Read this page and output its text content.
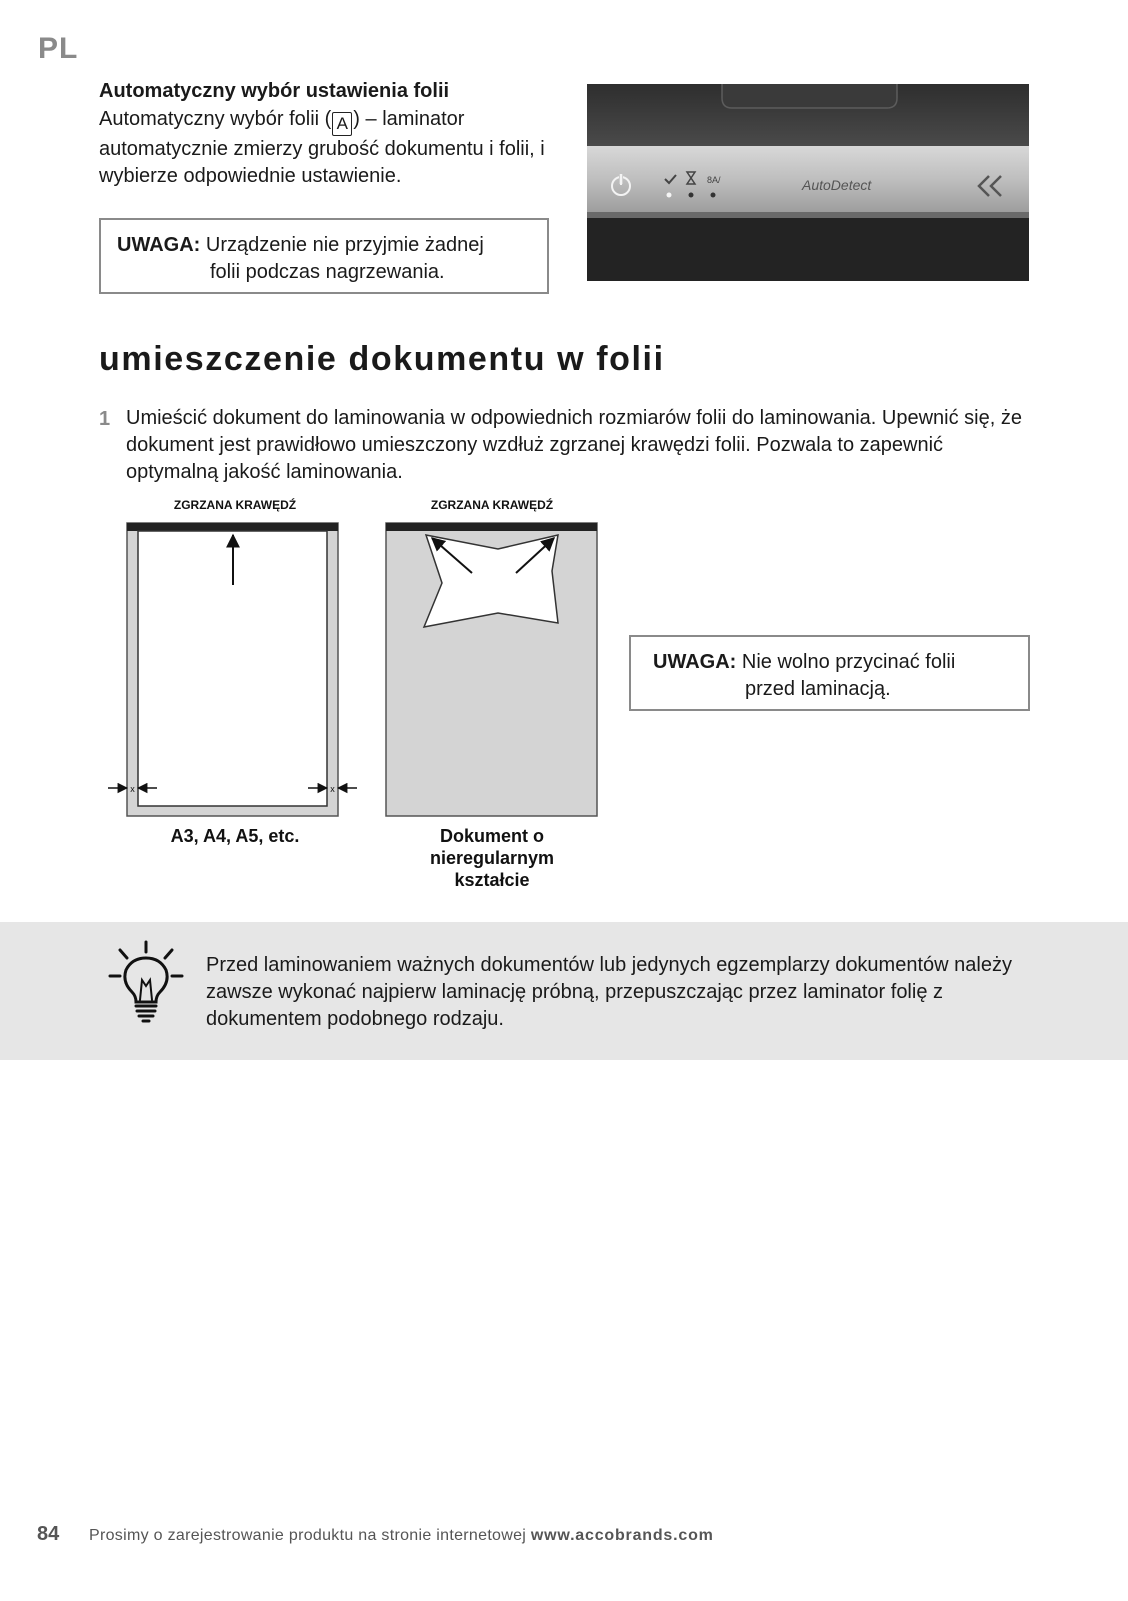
PL
Automatyczny wybór ustawienia folii
Automatyczny wybór folii ( A ) – laminator automatycznie zmierzy grubość dokumentu i folii, i wybierze odpowiednie ustawienie.
UWAGA: Urządzenie nie przyjmie żadnej
folii podczas nagrzewania.
8A/	AutoDetect
umieszczenie dokumentu w folii
1 Umieścić dokument do laminowania w odpowiednich rozmiarów folii do laminowania. Upewnić się, że dokument jest prawidłowo umieszczony wzdłuż zgrzanej krawędzi folii. Pozwala to zapewnić optymalną jakość laminowania.
ZGRZANA KRAWĘDŹ
x	x
A3, A4, A5, etc.
ZGRZANA KRAWĘDŹ
Dokument o
nieregularnym
kształcie
UWAGA: Nie wolno przycinać folii
przed laminacją.
Przed laminowaniem ważnych dokumentów lub jedynych egzemplarzy dokumentów należy zawsze wykonać najpierw laminację próbną, przepuszczając przez laminator folię z dokumentem podobnego rodzaju.
84 Prosimy o zarejestrowanie produktu na stronie internetowej www.accobrands.com
